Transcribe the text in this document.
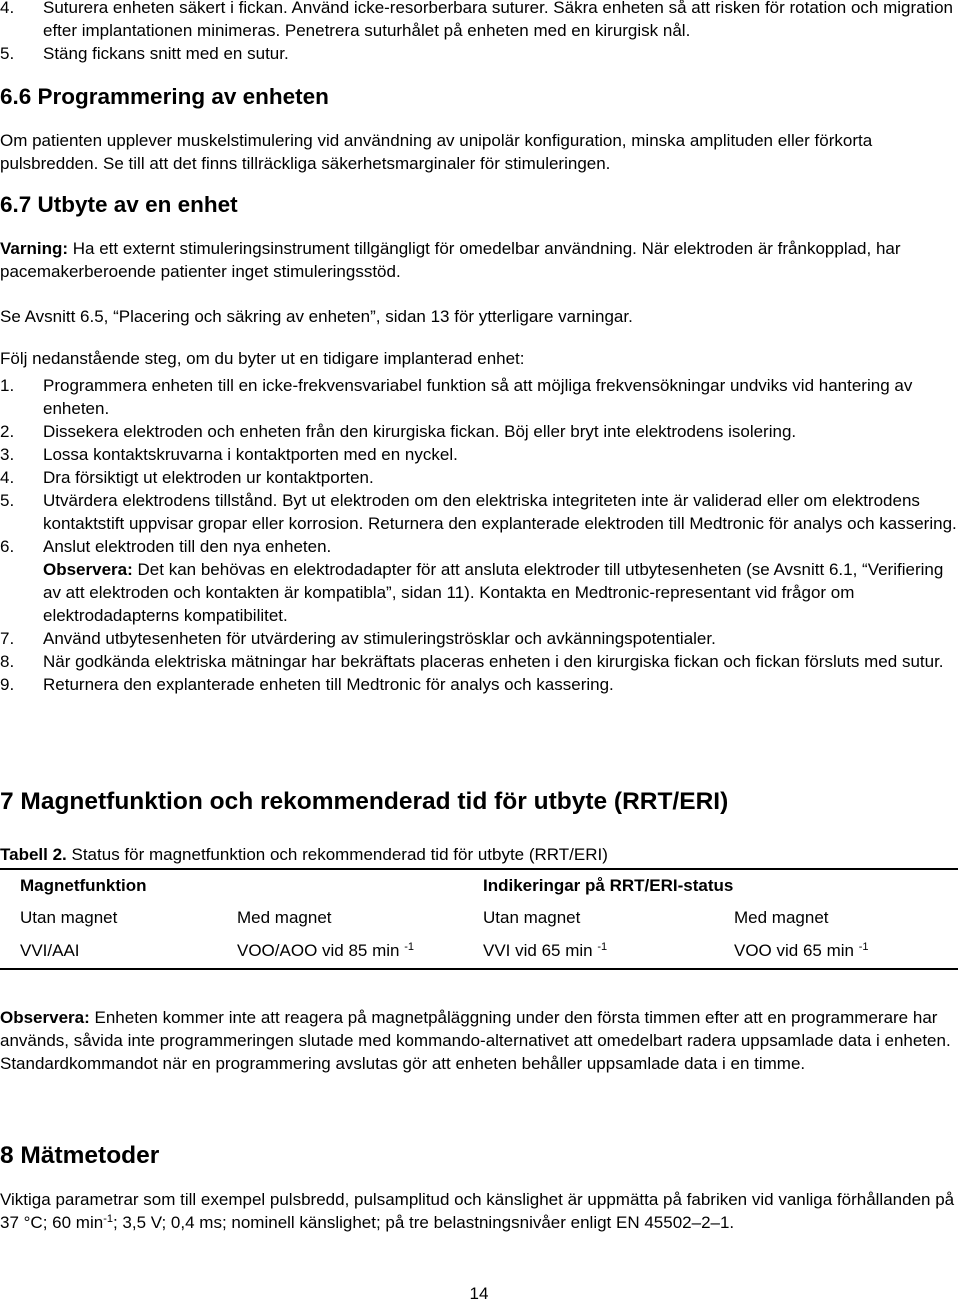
4.	Suturera enheten säkert i fickan. Använd icke-resorberbara suturer. Säkra enheten så att risken för rotation och migration efter implantationen minimeras. Penetrera suturhålet på enheten med en kirurgisk nål.
5.	Stäng fickans snitt med en sutur.
6.6 Programmering av enheten
Om patienten upplever muskelstimulering vid användning av unipolär konfiguration, minska amplituden eller förkorta pulsbredden. Se till att det finns tillräckliga säkerhetsmarginaler för stimuleringen.
6.7 Utbyte av en enhet
Varning: Ha ett externt stimuleringsinstrument tillgängligt för omedelbar användning. När elektroden är frånkopplad, har pacemakerberoende patienter inget stimuleringsstöd.
Se Avsnitt 6.5, “Placering och säkring av enheten”, sidan 13 för ytterligare varningar.
Följ nedanstående steg, om du byter ut en tidigare implanterad enhet:
1.	Programmera enheten till en icke-frekvensvariabel funktion så att möjliga frekvensökningar undviks vid hantering av enheten.
2.	Dissekera elektroden och enheten från den kirurgiska fickan. Böj eller bryt inte elektrodens isolering.
3.	Lossa kontaktskruvarna i kontaktporten med en nyckel.
4.	Dra försiktigt ut elektroden ur kontaktporten.
5.	Utvärdera elektrodens tillstånd. Byt ut elektroden om den elektriska integriteten inte är validerad eller om elektrodens kontaktstift uppvisar gropar eller korrosion. Returnera den explanterade elektroden till Medtronic för analys och kassering.
6.	Anslut elektroden till den nya enheten.
Observera: Det kan behövas en elektrodadapter för att ansluta elektroder till utbytesenheten (se Avsnitt 6.1, “Verifiering av att elektroden och kontakten är kompatibla”, sidan 11). Kontakta en Medtronic-representant vid frågor om elektrodadapterns kompatibilitet.
7.	Använd utbytesenheten för utvärdering av stimuleringströsklar och avkänningspotentialer.
8.	När godkända elektriska mätningar har bekräftats placeras enheten i den kirurgiska fickan och fickan försluts med sutur.
9.	Returnera den explanterade enheten till Medtronic för analys och kassering.
7 Magnetfunktion och rekommenderad tid för utbyte (RRT/ERI)
Tabell 2. Status för magnetfunktion och rekommenderad tid för utbyte (RRT/ERI)
Magnetfunktion		Indikeringar på RRT/ERI-status	
Utan magnet	Med magnet	Utan magnet	Med magnet
VVI/AAI	VOO/AOO vid 85 min $^{-1}$	VVI vid 65 min $^{-1}$	VOO vid 65 min $^{-1}$
Observera: Enheten kommer inte att reagera på magnetpåläggning under den första timmen efter att en programmerare har används, såvida inte programmeringen slutade med kommando-alternativet att omedelbart radera uppsamlade data i enheten. Standardkommandot när en programmering avslutas gör att enheten behåller uppsamlade data i en timme.
8 Mätmetoder
Viktiga parametrar som till exempel pulsbredd, pulsamplitud och känslighet är uppmätta på fabriken vid vanliga förhållanden på 37 °C; 60 $\min^{-1}$; 3,5 V; 0,4 ms; nominell känslighet; på tre belastningsnivåer enligt EN 45502–2–1.
14
